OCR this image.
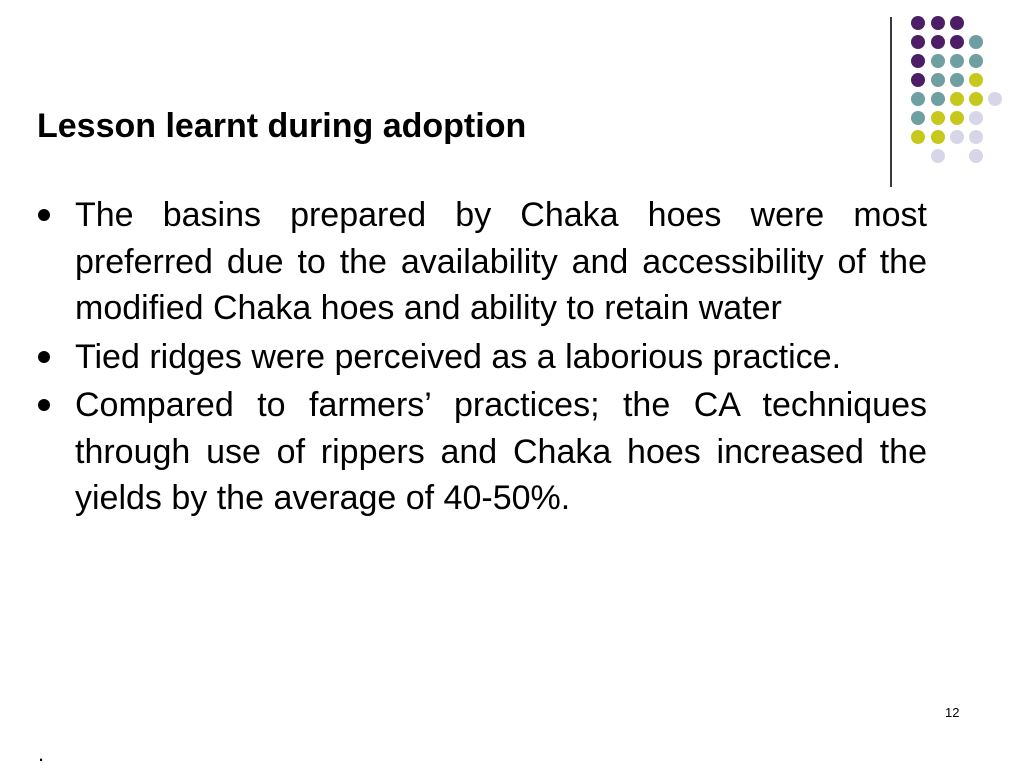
Lesson learnt during adoption
The basins prepared by Chaka hoes were most preferred due to the availability and accessibility of the modified Chaka hoes and ability to retain water
Tied ridges were perceived as a laborious practice.
Compared to farmers’ practices; the CA techniques through use of rippers and Chaka hoes increased the yields by the average of 40-50%.
12
.
